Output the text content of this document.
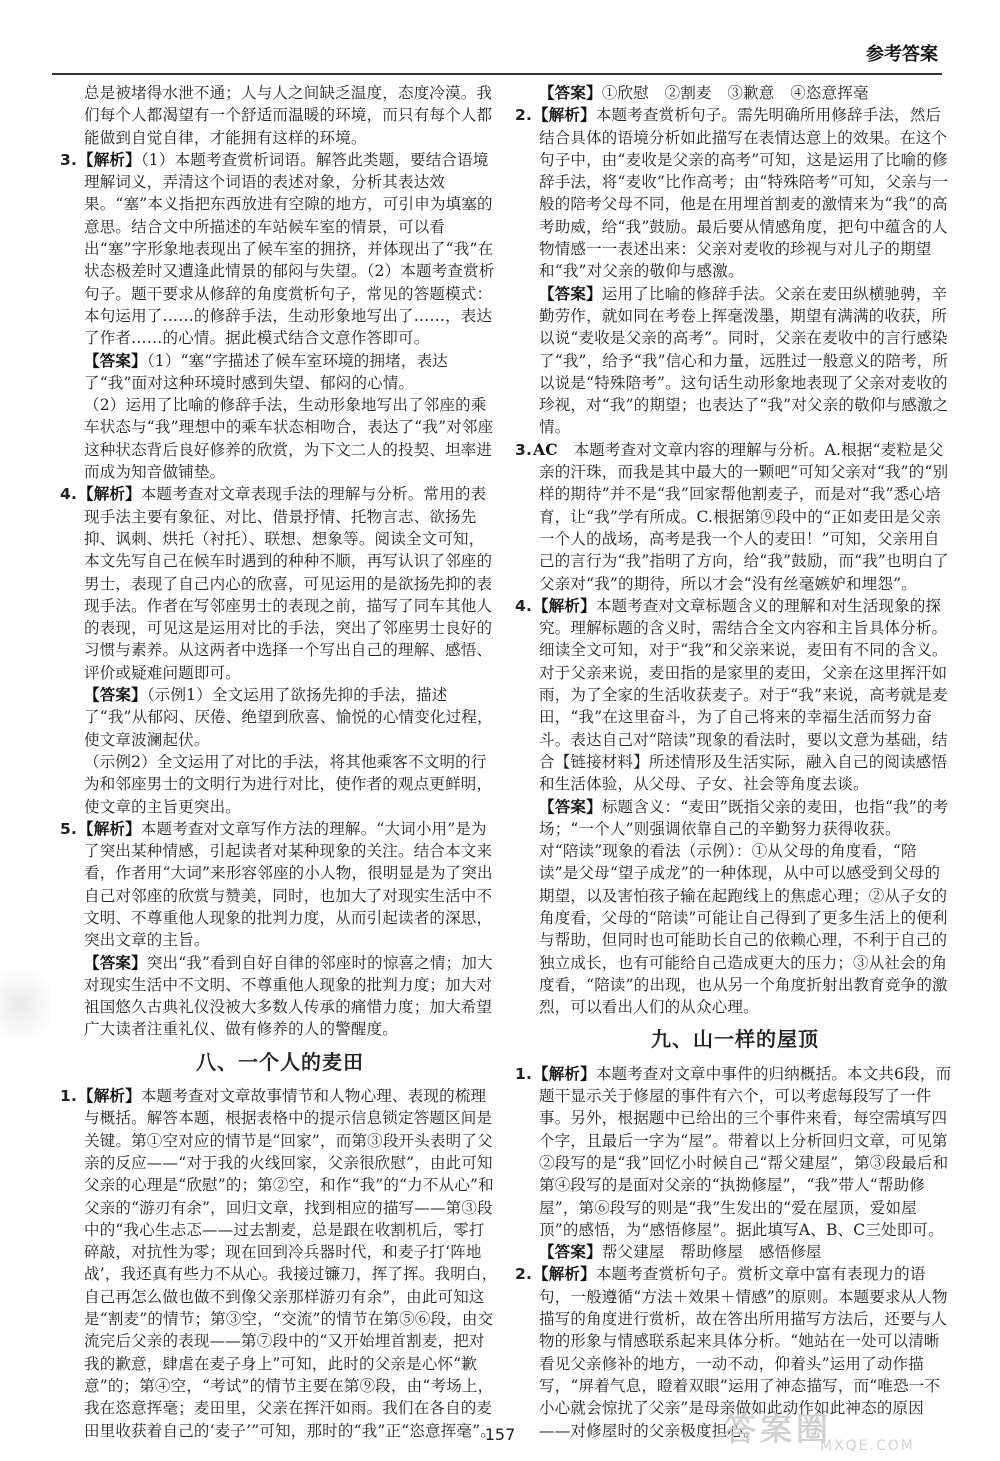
参考答案
总是被堵得水泄不通；人与人之间缺乏温度，态度冷漠。我们每个人都渴望有一个舒适而温暖的环境，而只有每个人都能做到自觉自律，才能拥有这样的环境。
3.【解析】（1）本题考查赏析词语。解答此类题，要结合语境理解词义，弄清这个词语的表述对象，分析其表达效果。“塞”本义指把东西放进有空隙的地方，可引申为填塞的意思。结合文中所描述的车站候车室的情景，可以看出“塞”字形象地表现出了候车室的拥挤，并体现出了“我”在状态极差时又遭逢此情景的郁闷与失望。（2）本题考查赏析句子。题干要求从修辞的角度赏析句子，常见的答题模式：本句运用了……的修辞手法，生动形象地写出了……，表达了作者……的心情。据此模式结合文意作答即可。
【答案】（1）“塞”字描述了候车室环境的拥堵，表达了“我”面对这种环境时感到失望、郁闷的心情。
（2）运用了比喻的修辞手法，生动形象地写出了邻座的乘车状态与“我”理想中的乘车状态相吻合，表达了“我”对邻座这种状态背后良好修养的欣赏，为下文二人的投契、坦率进而成为知音做铺垫。
4.【解析】本题考查对文章表现手法的理解与分析。常用的表现手法主要有象征、对比、借景抒情、托物言志、欲扬先抑、讽刺、烘托（衬托）、联想、想象等。阅读全文可知，本文先写自己在候车时遇到的种种不顺，再写认识了邻座的男士，表现了自己内心的欣喜，可见运用的是欲扬先抑的表现手法。作者在写邻座男士的表现之前，描写了同车其他人的表现，可见这是运用对比的手法，突出了邻座男士良好的习惯与素养。从这两者中选择一个写出自己的理解、感悟、评价或疑难问题即可。
【答案】（示例1）全文运用了欲扬先抑的手法，描述了“我”从郁闷、厌倦、绝望到欣喜、愉悦的心情变化过程，使文章波澜起伏。
（示例2）全文运用了对比的手法，将其他乘客不文明的行为和邻座男士的文明行为进行对比，使作者的观点更鲜明，使文章的主旨更突出。
5.【解析】本题考查对文章写作方法的理解。“大词小用”是为了突出某种情感，引起读者对某种现象的关注。结合本文来看，作者用“大词”来形容邻座的小人物，很明显是为了突出自己对邻座的欣赏与赞美，同时，也加大了对现实生活中不文明、不尊重他人现象的批判力度，从而引起读者的深思，突出文章的主旨。
【答案】突出“我”看到自好自律的邻座时的惊喜之情；加大对现实生活中不文明、不尊重他人现象的批判力度；加大对祖国悠久古典礼仪没被大多数人传承的痛惜力度；加大希望广大读者注重礼仪、做有修养的人的警醒度。
八、一个人的麦田
1.【解析】本题考查对文章故事情节和人物心理、表现的梳理与概括。解答本题，根据表格中的提示信息锁定答题区间是关键。第①空对应的情节是“回家”，而第③段开头表明了父亲的反应——“对于我的火线回家，父亲很欣慰”，由此可知父亲的心理是“欣慰”的；第②空，和作“我”的“力不从心”和父亲的“游刃有余”，回归文章，找到相应的描写——第③段中的“我心生忐忑——过去割麦，总是跟在收割机后，零打碎敲，对抗性为零；现在回到冷兵器时代，和麦子打‘阵地战’，我还真有些力不从心。我接过镰刀，挥了挥。我明白，自己再怎么做也做不到像父亲那样游刃有余”，由此可知这是“割麦”的情节；第③空，“交流”的情节在第⑤⑥段，由交流完后父亲的表现——第⑦段中的“又开始埋首割麦，把对我的歉意，肆虐在麦子身上”可知，此时的父亲是心怀“歉意”的；第④空，“考试”的情节主要在第⑨段，由“考场上，我在恣意挥毫；麦田里，父亲在挥汗如雨。我们在各自的麦田里收获着自己的‘麦子’”可知，那时的“我”正“恣意挥毫”。
【答案】①欣慰　②割麦　③歉意　④恣意挥毫
2.【解析】本题考查赏析句子。需先明确所用修辞手法，然后结合具体的语境分析如此描写在表情达意上的效果。在这个句子中，由“麦收是父亲的高考”可知，这是运用了比喻的修辞手法，将“麦收”比作高考；由“特殊陪考”可知，父亲与一般的陪考父母不同，他是在用埋首割麦的激情来为“我”的高考助威，给“我”鼓励。最后要从情感角度，把句中蕴含的人物情感一一表述出来：父亲对麦收的珍视与对儿子的期望和“我”对父亲的敬仰与感激。
【答案】运用了比喻的修辞手法。父亲在麦田纵横驰骋，辛勤劳作，就如同在考卷上挥毫泼墨，期望有满满的收获，所以说“麦收是父亲的高考”。同时，父亲在麦收中的言行感染了“我”，给予“我”信心和力量，远胜过一般意义的陪考，所以说是“特殊陪考”。这句话生动形象地表现了父亲对麦收的珍视，对“我”的期望；也表达了“我”对父亲的敬仰与感激之情。
3.AC　本题考查对文章内容的理解与分析。A.根据“麦粒是父亲的汗珠，而我是其中最大的一颗吧”可知父亲对“我”的“别样的期待”并不是“我”回家帮他割麦子，而是对“我”悉心培育，让“我”学有所成。C.根据第⑨段中的“正如麦田是父亲一个人的战场，高考是我一个人的麦田！”可知，父亲用自己的言行为“我”指明了方向，给“我”鼓励，而“我”也明白了父亲对“我”的期待，所以才会“没有丝毫嫉妒和埋怨”。
4.【解析】本题考查对文章标题含义的理解和对生活现象的探究。理解标题的含义时，需结合全文内容和主旨具体分析。细读全文可知，对于“我”和父亲来说，麦田有不同的含义。对于父亲来说，麦田指的是家里的麦田，父亲在这里挥汗如雨，为了全家的生活收获麦子。对于“我”来说，高考就是麦田，“我”在这里奋斗，为了自己将来的幸福生活而努力奋斗。表达自己对“陪读”现象的看法时，要以文意为基础，结合【链接材料】所述情形及生活实际，融入自己的阅读感悟和生活体验，从父母、子女、社会等角度去谈。
【答案】标题含义：“麦田”既指父亲的麦田，也指“我”的考场；“一个人”则强调依靠自己的辛勤努力获得收获。
对“陪读”现象的看法（示例）：①从父母的角度看，“陪读”是父母“望子成龙”的一种体现，从中可以感受到父母的期望，以及害怕孩子输在起跑线上的焦虑心理；②从子女的角度看，父母的“陪读”可能让自己得到了更多生活上的便利与帮助，但同时也可能助长自己的依赖心理，不利于自己的独立成长，也有可能给自己造成更大的压力；③从社会的角度看，“陪读”的出现，也从另一个角度折射出教育竞争的激烈，可以看出人们的从众心理。
九、山一样的屋顶
1.【解析】本题考查对文章中事件的归纳概括。本文共6段，而题干显示关于修屋的事件有六个，可以考虑每段写了一件事。另外，根据题中已给出的三个事件来看，每空需填写四个字，且最后一字为“屋”。带着以上分析回归文章，可见第②段写的是“我”回忆小时候自己“帮父建屋”，第③段最后和第④段写的是面对父亲的“执拗修屋”，“我”带人“帮助修屋”，第⑥段写的则是“我”生发出的“爱在屋顶，爱如屋顶”的感悟，为“感悟修屋”。据此填写A、B、C三处即可。
【答案】帮父建屋　帮助修屋　感悟修屋
2.【解析】本题考查赏析句子。赏析文章中富有表现力的语句，一般遵循“方法＋效果＋情感”的原则。本题要求从人物描写的角度进行赏析，故在答出所用描写方法后，还要与人物的形象与情感联系起来具体分析。“她站在一处可以清晰看见父亲修补的地方，一动不动，仰着头”运用了动作描写，“屏着气息，瞪着双眼”运用了神态描写，而“唯恐一不小心就会惊扰了父亲”是母亲做如此动作如此神态的原因——对修屋时的父亲极度担心。
157	答案圈
MXQE.COM
